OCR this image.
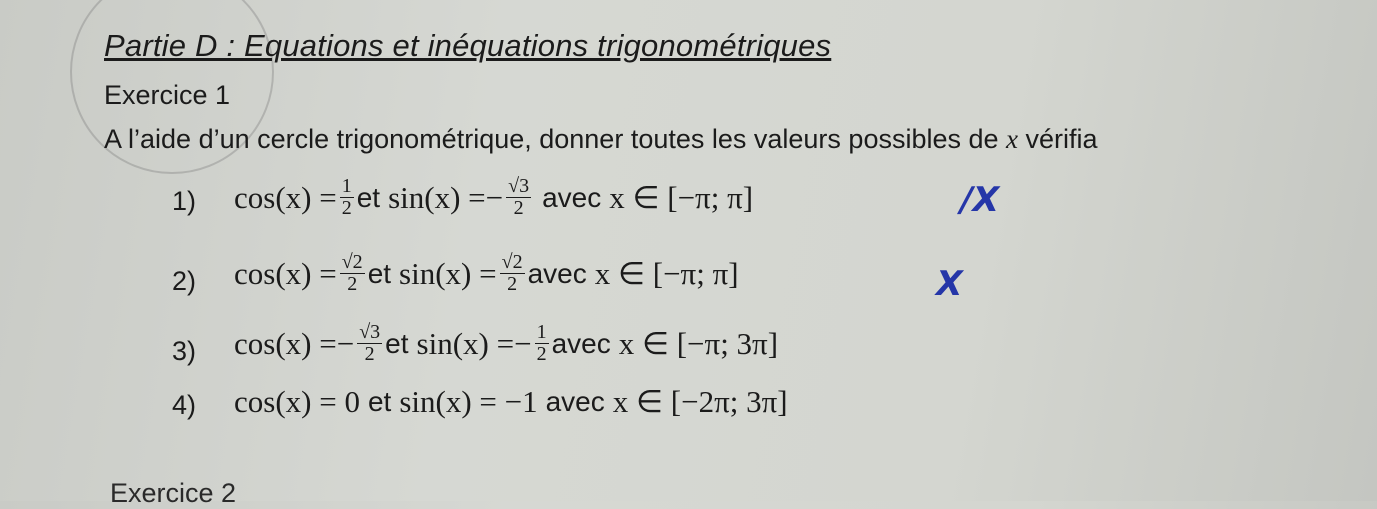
Partie D : Equations et inéquations trigonométriques
Exercice 1
A l’aide d’un cercle trigonométrique, donner toutes les valeurs possibles de x vérifia
1) $\cos(x) = \frac{1}{2}$ et sin(x) = − $\frac{√3}{2}$ avec x ∈ [−π; π]	/X
2) $\cos(x) = \frac{√2}{2}$ et $\sin(x) = \frac{√2}{2}$ avec x ∈ [−π; π]	X
3) cos(x) = − $\frac{√3}{2}$ et sin(x) = − $\frac{1}{2}$ avec x ∈ [−π; 3π]
4) cos(x) = 0 et sin(x) = −1 avec x ∈ [−2π; 3π]
Exercice 2
